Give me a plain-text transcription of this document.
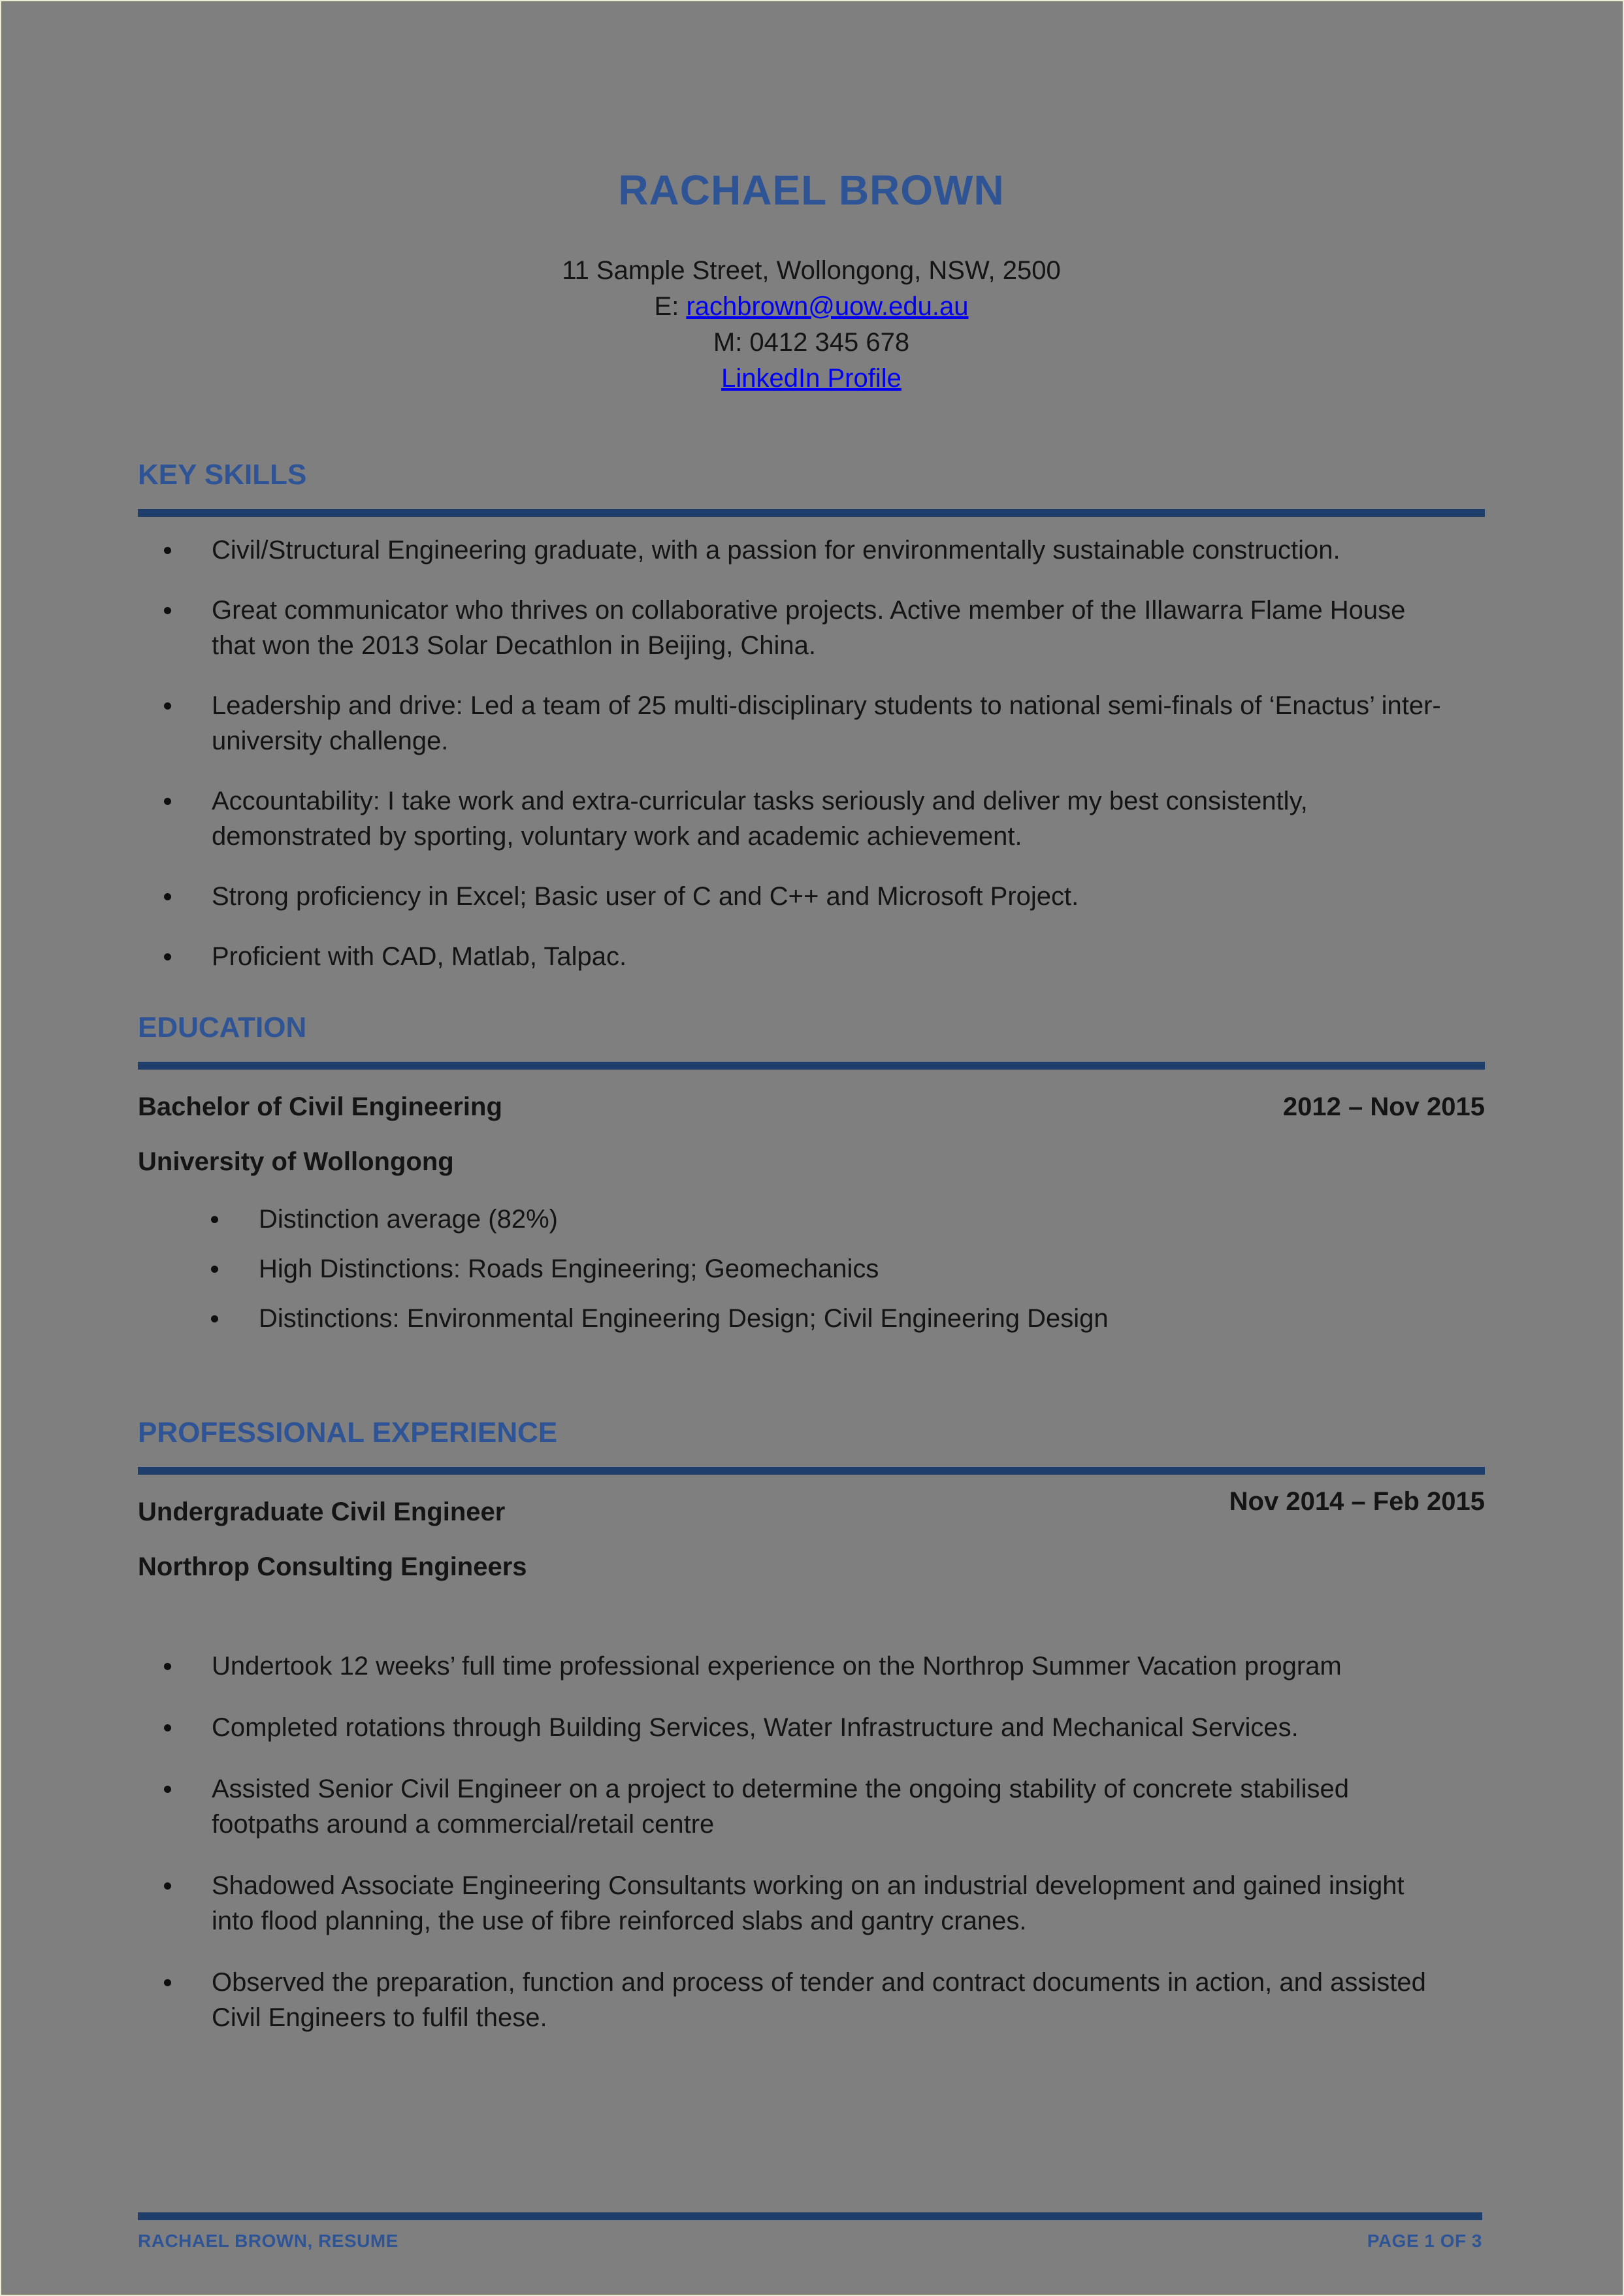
RACHAEL BROWN
11 Sample Street, Wollongong, NSW, 2500
E: rachbrown@uow.edu.au
M: 0412 345 678
LinkedIn Profile
KEY SKILLS
Civil/Structural Engineering graduate, with a passion for environmentally sustainable construction.
Great communicator who thrives on collaborative projects. Active member of the Illawarra Flame House that won the 2013 Solar Decathlon in Beijing, China.
Leadership and drive: Led a team of 25 multi-disciplinary students to national semi-finals of ‘Enactus’ inter-university challenge.
Accountability: I take work and extra-curricular tasks seriously and deliver my best consistently, demonstrated by sporting, voluntary work and academic achievement.
Strong proficiency in Excel; Basic user of C and C++ and Microsoft Project.
Proficient with CAD, Matlab, Talpac.
EDUCATION
Bachelor of Civil Engineering	2012 – Nov 2015
University of Wollongong
Distinction average (82%)
High Distinctions: Roads Engineering; Geomechanics
Distinctions: Environmental Engineering Design; Civil Engineering Design
PROFESSIONAL EXPERIENCE
Undergraduate Civil Engineer	Nov 2014 – Feb 2015
Northrop Consulting Engineers
Undertook 12 weeks’ full time professional experience on the Northrop Summer Vacation program
Completed rotations through Building Services, Water Infrastructure and Mechanical Services.
Assisted Senior Civil Engineer on a project to determine the ongoing stability of concrete stabilised footpaths around a commercial/retail centre
Shadowed Associate Engineering Consultants working on an industrial development and gained insight into flood planning, the use of fibre reinforced slabs and gantry cranes.
Observed the preparation, function and process of tender and contract documents in action, and assisted Civil Engineers to fulfil these.
RACHAEL BROWN, RESUME	PAGE 1 OF 3
